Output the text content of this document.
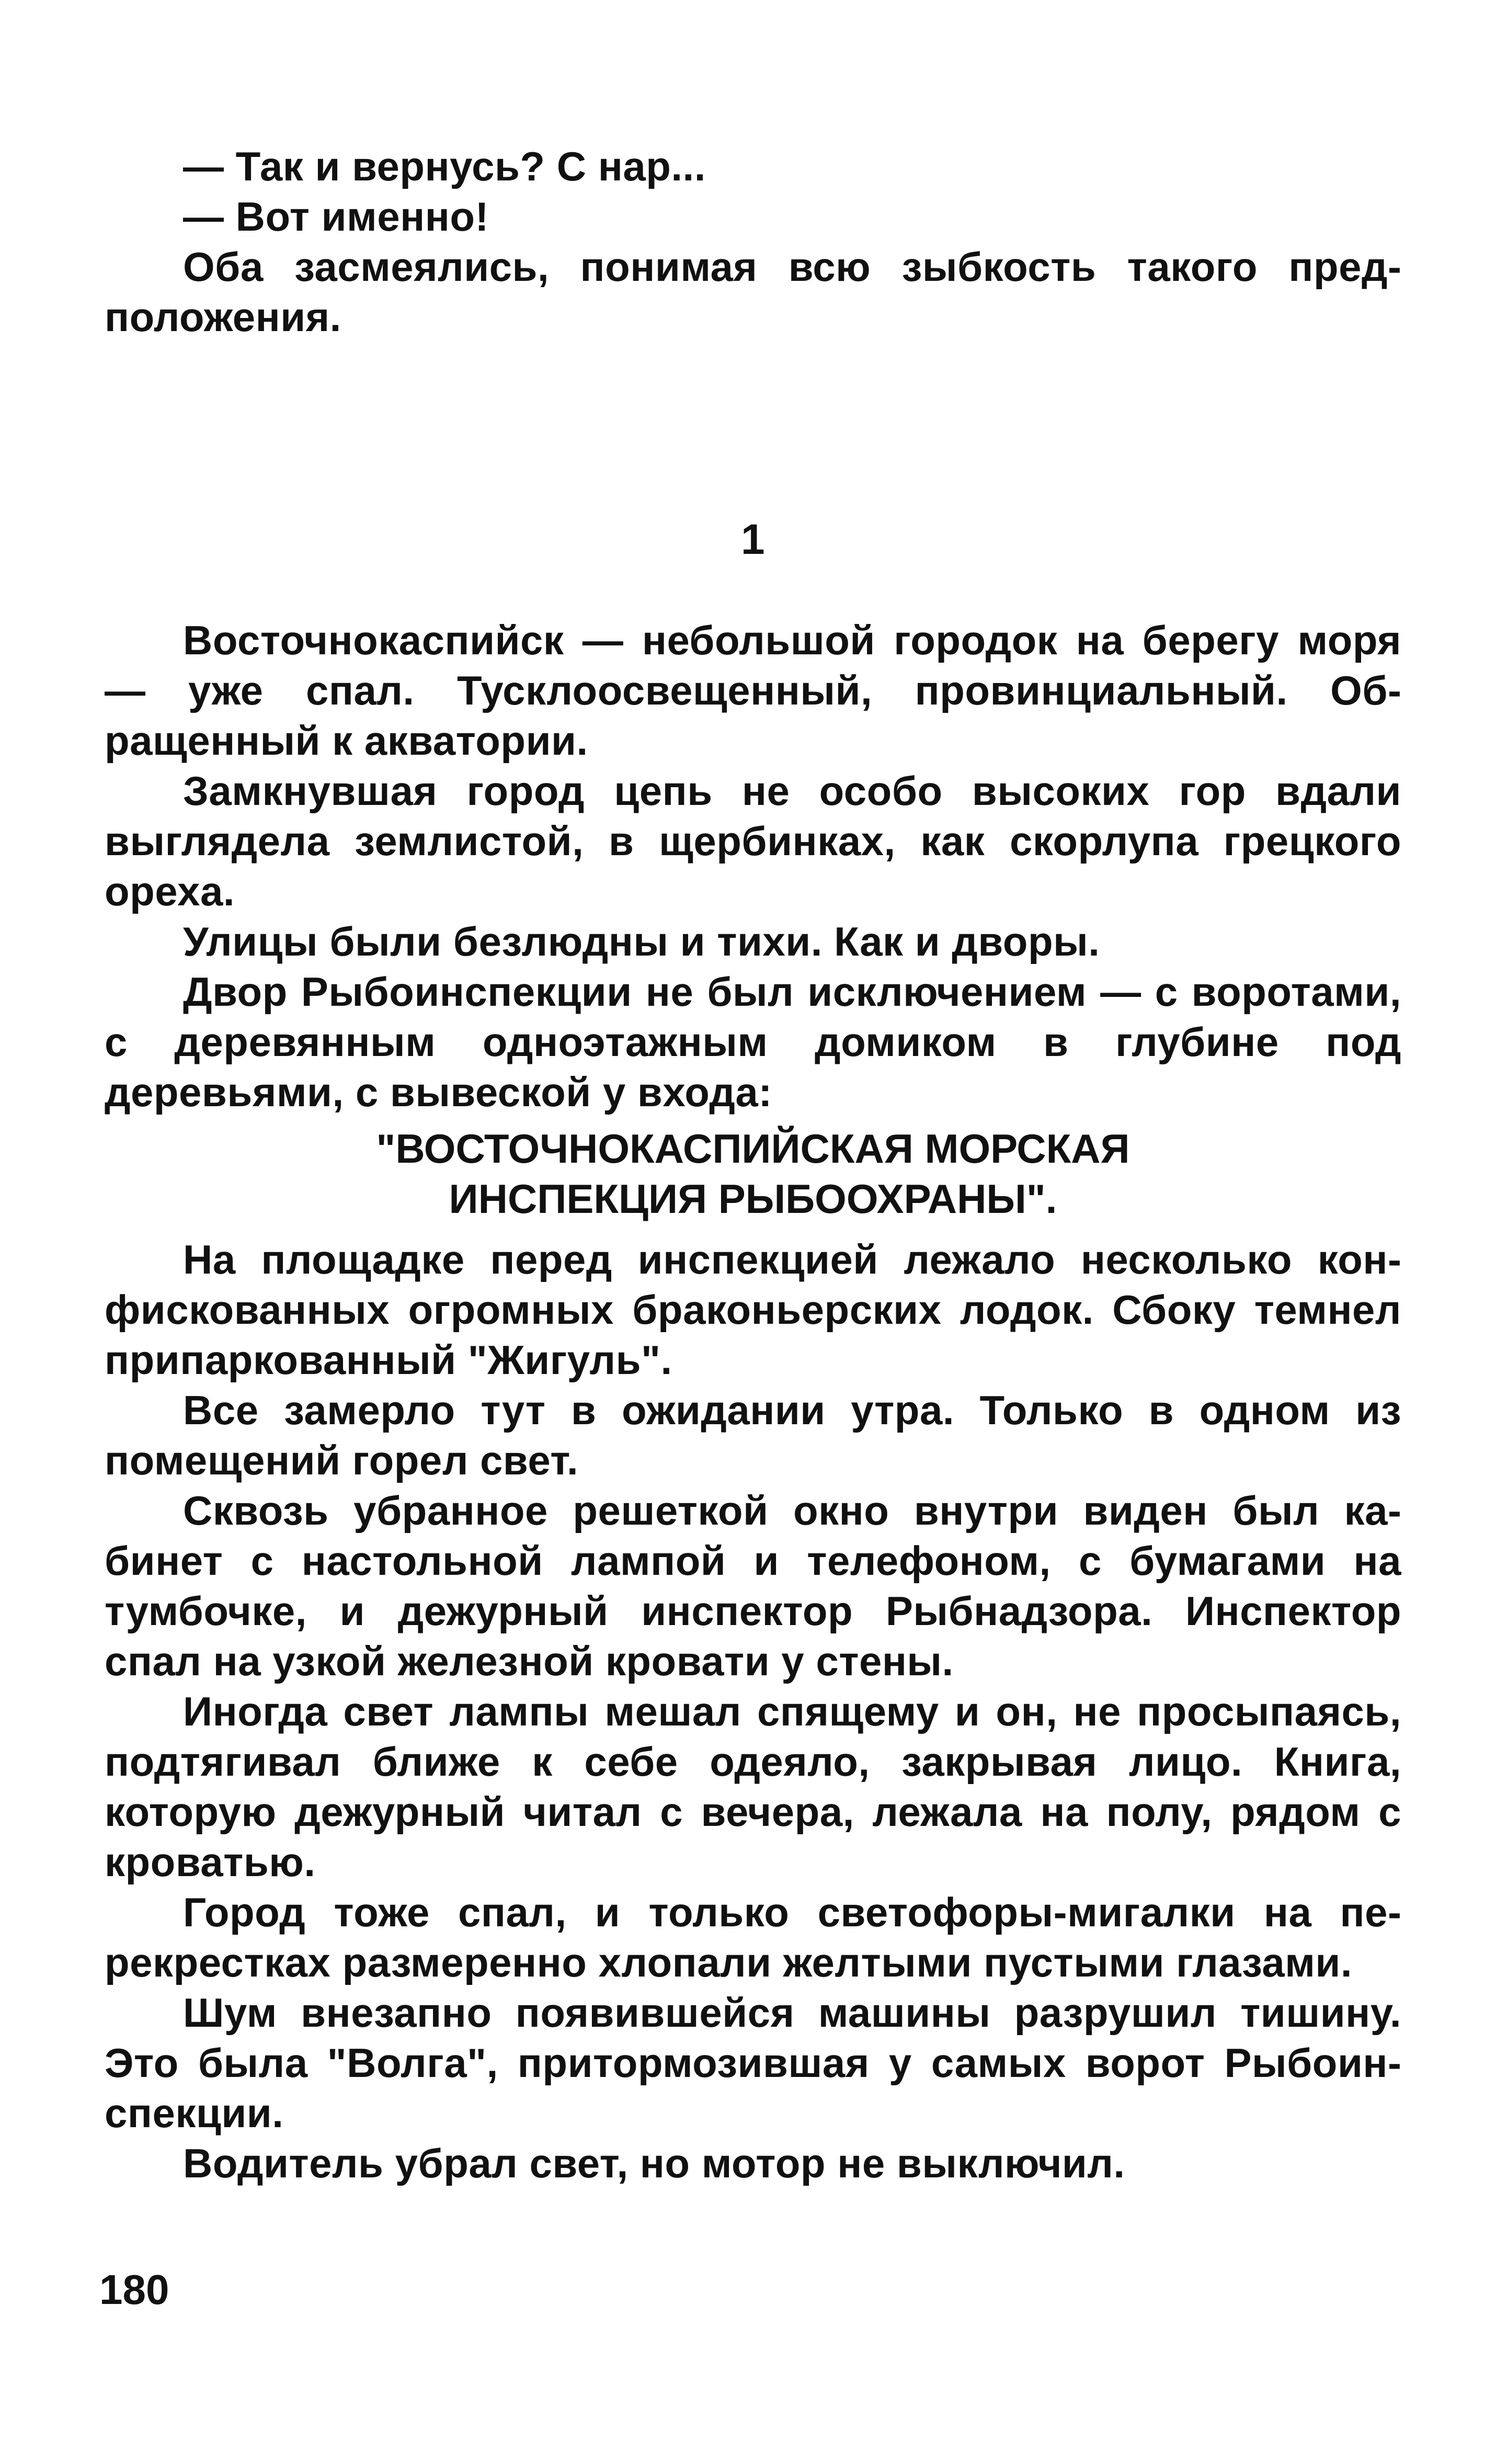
— Так и вернусь? С нар...

— Вот именно!

Оба засмеялись, понимая всю зыбкость такого предположения.

1

Восточнокаспийск — небольшой городок на берегу моря — уже спал. Тусклоосвещенный, провинциальный. Обращенный к акватории.

Замкнувшая город цепь не особо высоких гор вдали выглядела землистой, в щербинках, как скорлупа грецкого ореха.

Улицы были безлюдны и тихи. Как и дворы.

Двор Рыбоинспекции не был исключением — с воротами, с деревянным одноэтажным домиком в глубине под деревьями, с вывеской у входа:

"ВОСТОЧНОКАСПИЙСКАЯ МОРСКАЯ

ИНСПЕКЦИЯ РЫБООХРАНЫ".

На площадке перед инспекцией лежало несколько конфискованных огромных браконьерских лодок. Сбоку темнел припаркованный "Жигуль".

Все замерло тут в ожидании утра. Только в одном из помещений горел свет.

Сквозь убранное решеткой окно внутри виден был кабинет с настольной лампой и телефоном, с бумагами на тумбочке, и дежурный инспектор Рыбнадзора. Инспектор спал на узкой железной кровати у стены.

Иногда свет лампы мешал спящему и он, не просыпаясь, подтягивал ближе к себе одеяло, закрывая лицо. Книга, которую дежурный читал с вечера, лежала на полу, рядом с кроватью.

Город тоже спал, и только светофоры-мигалки на перекрестках размеренно хлопали желтыми пустыми глазами.

Шум внезапно появившейся машины разрушил тишину. Это была "Волга", притормозившая у самых ворот Рыбоинспекции.

Водитель убрал свет, но мотор не выключил.

180
